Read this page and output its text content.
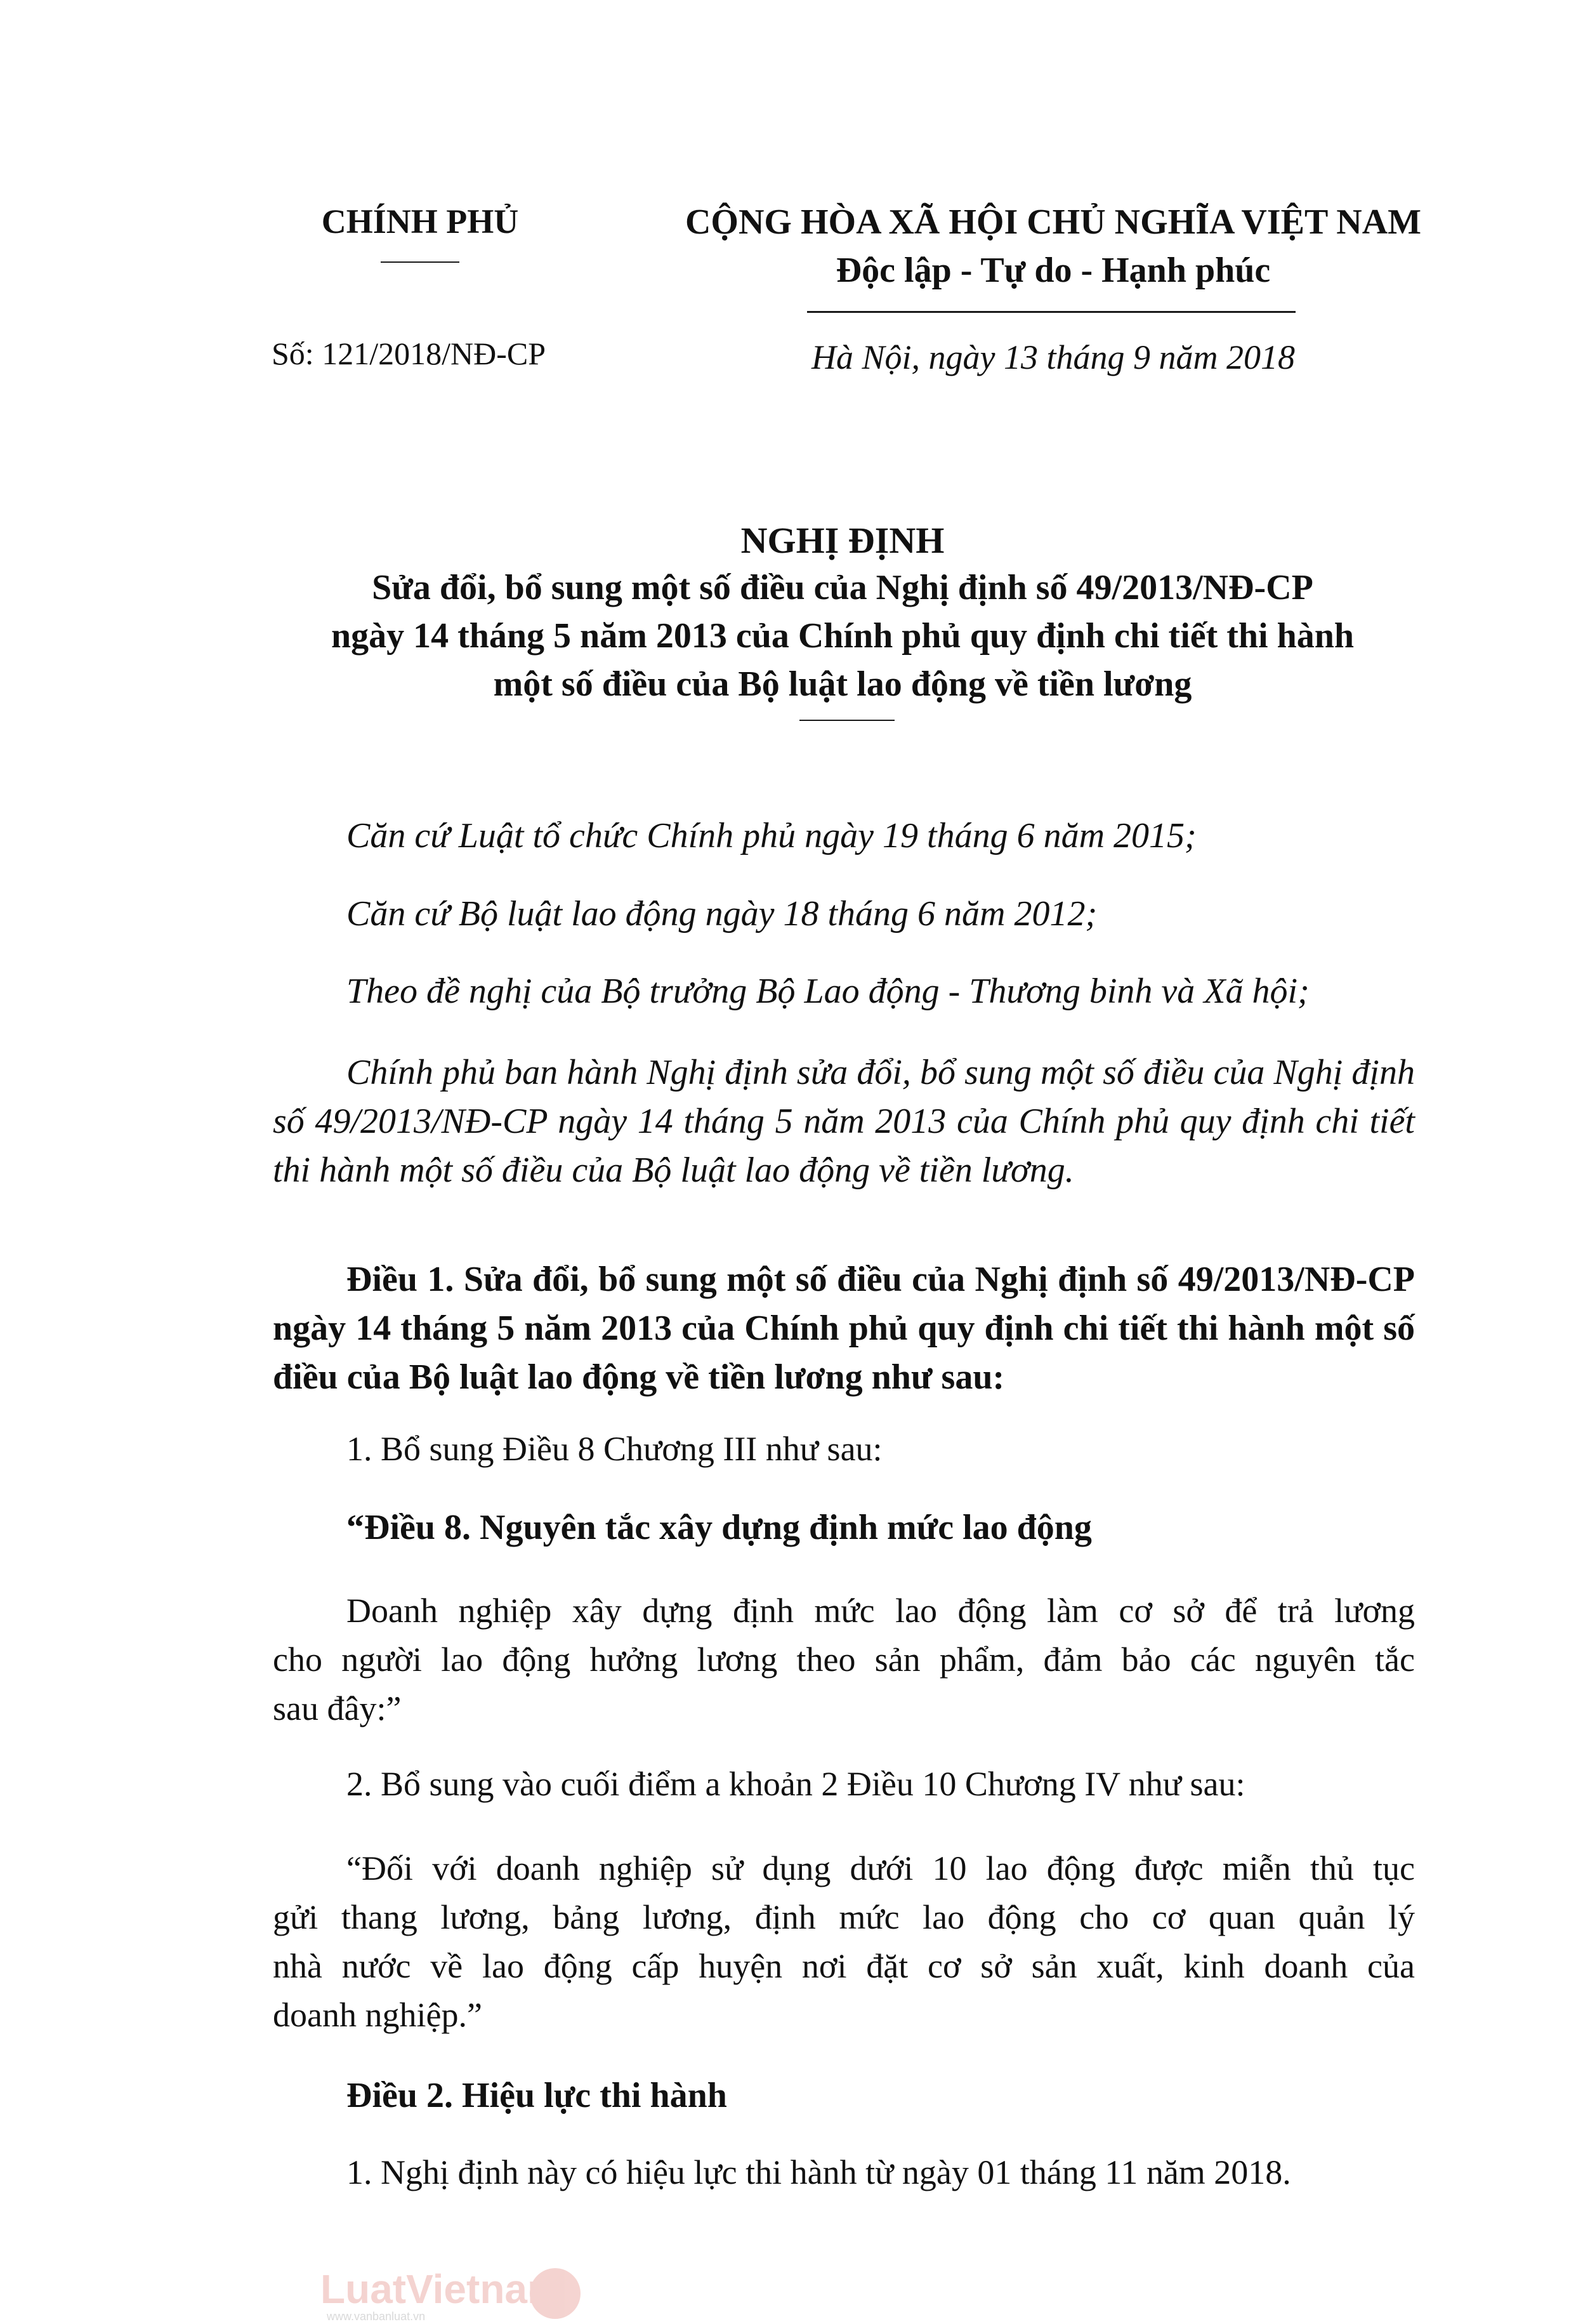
CHÍNH PHỦ
Số: 121/2018/NĐ-CP
CỘNG HÒA XÃ HỘI CHỦ NGHĨA VIỆT NAM
Độc lập - Tự do - Hạnh phúc
Hà Nội, ngày 13 tháng 9 năm 2018
NGHỊ ĐỊNH
Sửa đổi, bổ sung một số điều của Nghị định số 49/2013/NĐ-CP
ngày 14 tháng 5 năm 2013 của Chính phủ quy định chi tiết thi hành
một số điều của Bộ luật lao động về tiền lương
Căn cứ Luật tổ chức Chính phủ ngày 19 tháng 6 năm 2015;
Căn cứ Bộ luật lao động ngày 18 tháng 6 năm 2012;
Theo đề nghị của Bộ trưởng Bộ Lao động - Thương binh và Xã hội;
Chính phủ ban hành Nghị định sửa đổi, bổ sung một số điều của Nghị định
số 49/2013/NĐ-CP ngày 14 tháng 5 năm 2013 của Chính phủ quy định chi tiết
thi hành một số điều của Bộ luật lao động về tiền lương.
Điều 1. Sửa đổi, bổ sung một số điều của Nghị định số 49/2013/NĐ-CP
ngày 14 tháng 5 năm 2013 của Chính phủ quy định chi tiết thi hành một số
điều của Bộ luật lao động về tiền lương như sau:
1. Bổ sung Điều 8 Chương III như sau:
“Điều 8. Nguyên tắc xây dựng định mức lao động
Doanh nghiệp xây dựng định mức lao động làm cơ sở để trả lương
cho người lao động hưởng lương theo sản phẩm, đảm bảo các nguyên tắc
sau đây:”
2. Bổ sung vào cuối điểm a khoản 2 Điều 10 Chương IV như sau:
“Đối với doanh nghiệp sử dụng dưới 10 lao động được miễn thủ tục
gửi thang lương, bảng lương, định mức lao động cho cơ quan quản lý
nhà nước về lao động cấp huyện nơi đặt cơ sở sản xuất, kinh doanh của
doanh nghiệp.”
Điều 2. Hiệu lực thi hành
1. Nghị định này có hiệu lực thi hành từ ngày 01 tháng 11 năm 2018.
LuatVietnam
www.vanbanluat.vn
